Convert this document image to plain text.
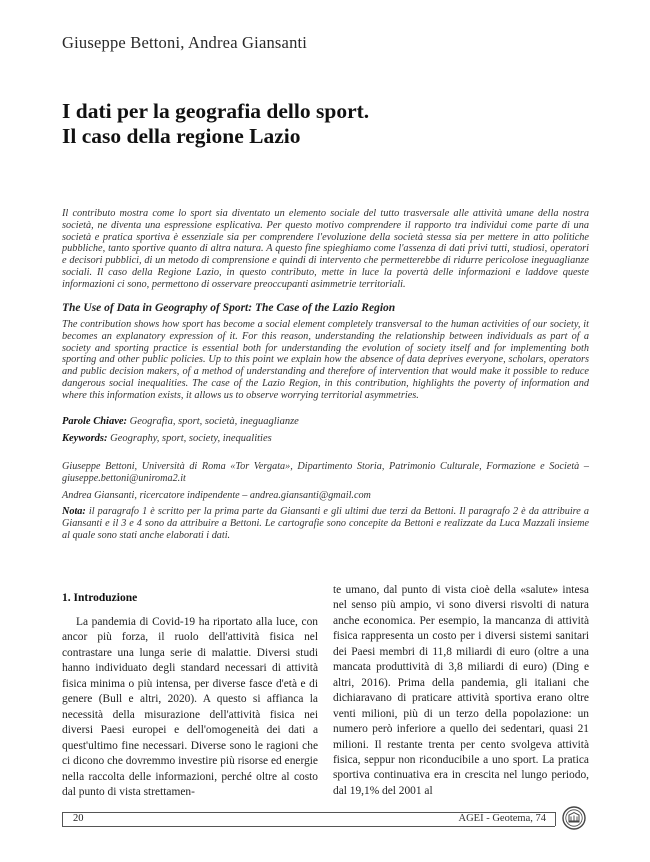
Giuseppe Bettoni, Andrea Giansanti
I dati per la geografia dello sport.
Il caso della regione Lazio
Il contributo mostra come lo sport sia diventato un elemento sociale del tutto trasversale alle attività umane della nostra società, ne diventa una espressione esplicativa. Per questo motivo comprendere il rapporto tra individui come parte di una società e pratica sportiva è essenziale sia per comprendere l'evoluzione della società stessa sia per mettere in atto politiche pubbliche, tanto sportive quanto di altra natura. A questo fine spieghiamo come l'assenza di dati privi tutti, studiosi, operatori e decisori pubblici, di un metodo di comprensione e quindi di intervento che permetterebbe di ridurre pericolose ineguaglianze sociali. Il caso della Regione Lazio, in questo contributo, mette in luce la povertà delle informazioni e laddove queste informazioni ci sono, permettono di osservare preoccupanti asimmetrie territoriali.
The Use of Data in Geography of Sport: The Case of the Lazio Region
The contribution shows how sport has become a social element completely transversal to the human activities of our society, it becomes an explanatory expression of it. For this reason, understanding the relationship between individuals as part of a society and sporting practice is essential both for understanding the evolution of society itself and for implementing both sporting and other public policies. Up to this point we explain how the absence of data deprives everyone, scholars, operators and public decision makers, of a method of understanding and therefore of intervention that would make it possible to reduce dangerous social inequalities. The case of the Lazio Region, in this contribution, highlights the poverty of information and where this information exists, it allows us to observe worrying territorial asymmetries.
Parole Chiave: Geografia, sport, società, ineguaglianze
Keywords: Geography, sport, society, inequalities
Giuseppe Bettoni, Università di Roma «Tor Vergata», Dipartimento Storia, Patrimonio Culturale, Formazione e Società – giuseppe.bettoni@uniroma2.it
Andrea Giansanti, ricercatore indipendente – andrea.giansanti@gmail.com
Nota: il paragrafo 1 è scritto per la prima parte da Giansanti e gli ultimi due terzi da Bettoni. Il paragrafo 2 è da attribuire a Giansanti e il 3 e 4 sono da attribuire a Bettoni. Le cartografie sono concepite da Bettoni e realizzate da Luca Mazzali insieme al quale sono stati anche elaborati i dati.
1. Introduzione

La pandemia di Covid-19 ha riportato alla luce, con ancor più forza, il ruolo dell'attività fisica nel contrastare una lunga serie di malattie. Diversi studi hanno individuato degli standard necessari di attività fisica minima o più intensa, per diverse fasce d'età e di genere (Bull e altri, 2020). A questo si affianca la necessità della misurazione dell'attività fisica nei diversi Paesi europei e dell'omogeneità dei dati a quest'ultimo fine necessari. Diverse sono le ragioni che ci dicono che dovremmo investire più risorse ed energie nella raccolta delle informazioni, perché oltre al costo dal punto di vista strettamen-

te umano, dal punto di vista cioè della «salute» intesa nel senso più ampio, vi sono diversi risvolti di natura anche economica. Per esempio, la mancanza di attività fisica rappresenta un costo per i diversi sistemi sanitari dei Paesi membri di 11,8 miliardi di euro (oltre a una mancata produttività di 3,8 miliardi di euro) (Ding e altri, 2016). Prima della pandemia, gli italiani che dichiaravano di praticare attività sportiva erano oltre venti milioni, più di un terzo della popolazione: un numero però inferiore a quello dei sedentari, quasi 21 milioni. Il restante trenta per cento svolgeva attività fisica, seppur non riconducibile a uno sport. La pratica sportiva continuativa era in crescita nel lungo periodo, dal 19,1% del 2001 al

20	AGEI - Geotema, 74
